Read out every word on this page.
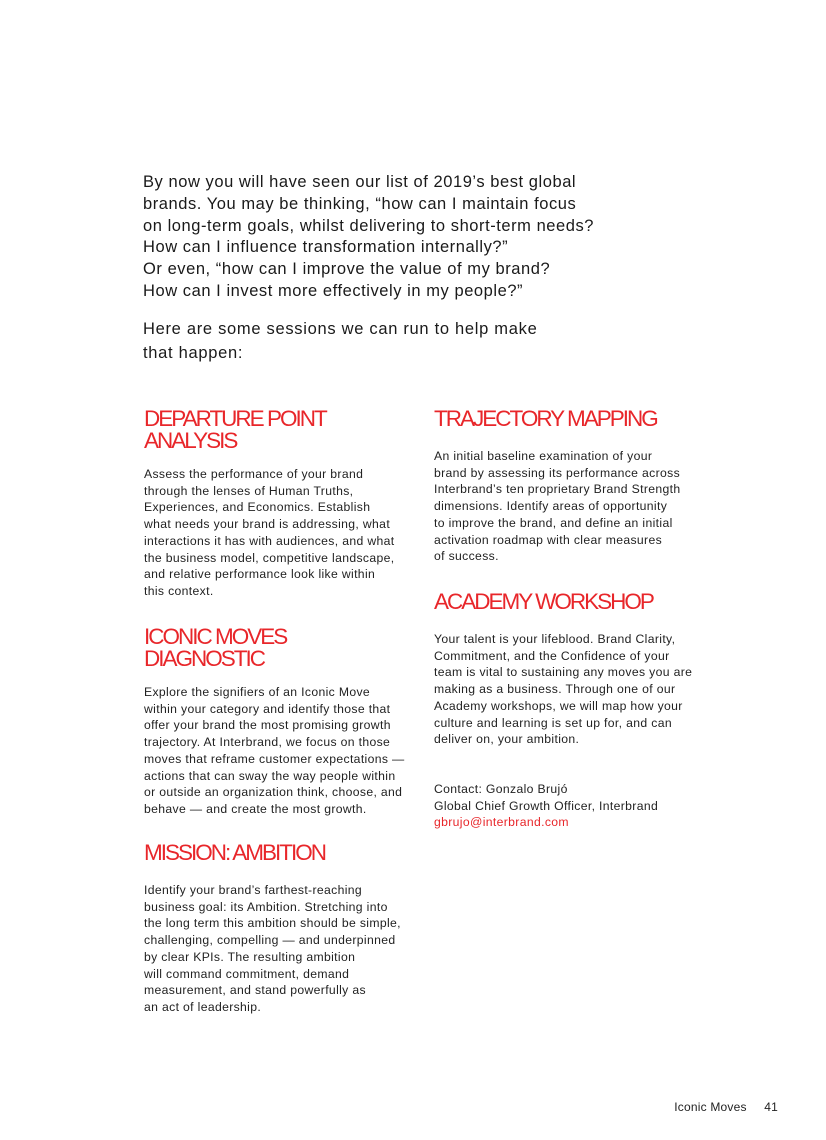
By now you will have seen our list of 2019’s best global
brands. You may be thinking, “how can I maintain focus
on long-term goals, whilst delivering to short-term needs?
How can I influence transformation internally?”
Or even, “how can I improve the value of my brand?
How can I invest more effectively in my people?”
Here are some sessions we can run to help make
that happen:
DEPARTURE POINT
ANALYSIS
Assess the performance of your brand
through the lenses of Human Truths,
Experiences, and Economics. Establish
what needs your brand is addressing, what
interactions it has with audiences, and what
the business model, competitive landscape,
and relative performance look like within
this context.
ICONIC MOVES
DIAGNOSTIC
Explore the signifiers of an Iconic Move
within your category and identify those that
offer your brand the most promising growth
trajectory. At Interbrand, we focus on those
moves that reframe customer expectations —
actions that can sway the way people within
or outside an organization think, choose, and
behave — and create the most growth.
MISSION: AMBITION
Identify your brand’s farthest-reaching
business goal: its Ambition. Stretching into
the long term this ambition should be simple,
challenging, compelling — and underpinned
by clear KPIs. The resulting ambition
will command commitment, demand
measurement, and stand powerfully as
an act of leadership.
TRAJECTORY MAPPING
An initial baseline examination of your
brand by assessing its performance across
Interbrand’s ten proprietary Brand Strength
dimensions. Identify areas of opportunity
to improve the brand, and define an initial
activation roadmap with clear measures
of success.
ACADEMY WORKSHOP
Your talent is your lifeblood. Brand Clarity,
Commitment, and the Confidence of your
team is vital to sustaining any moves you are
making as a business. Through one of our
Academy workshops, we will map how your
culture and learning is set up for, and can
deliver on, your ambition.
Contact: Gonzalo Brujó
Global Chief Growth Officer, Interbrand
gbrujo@interbrand.com
Iconic Moves 41
